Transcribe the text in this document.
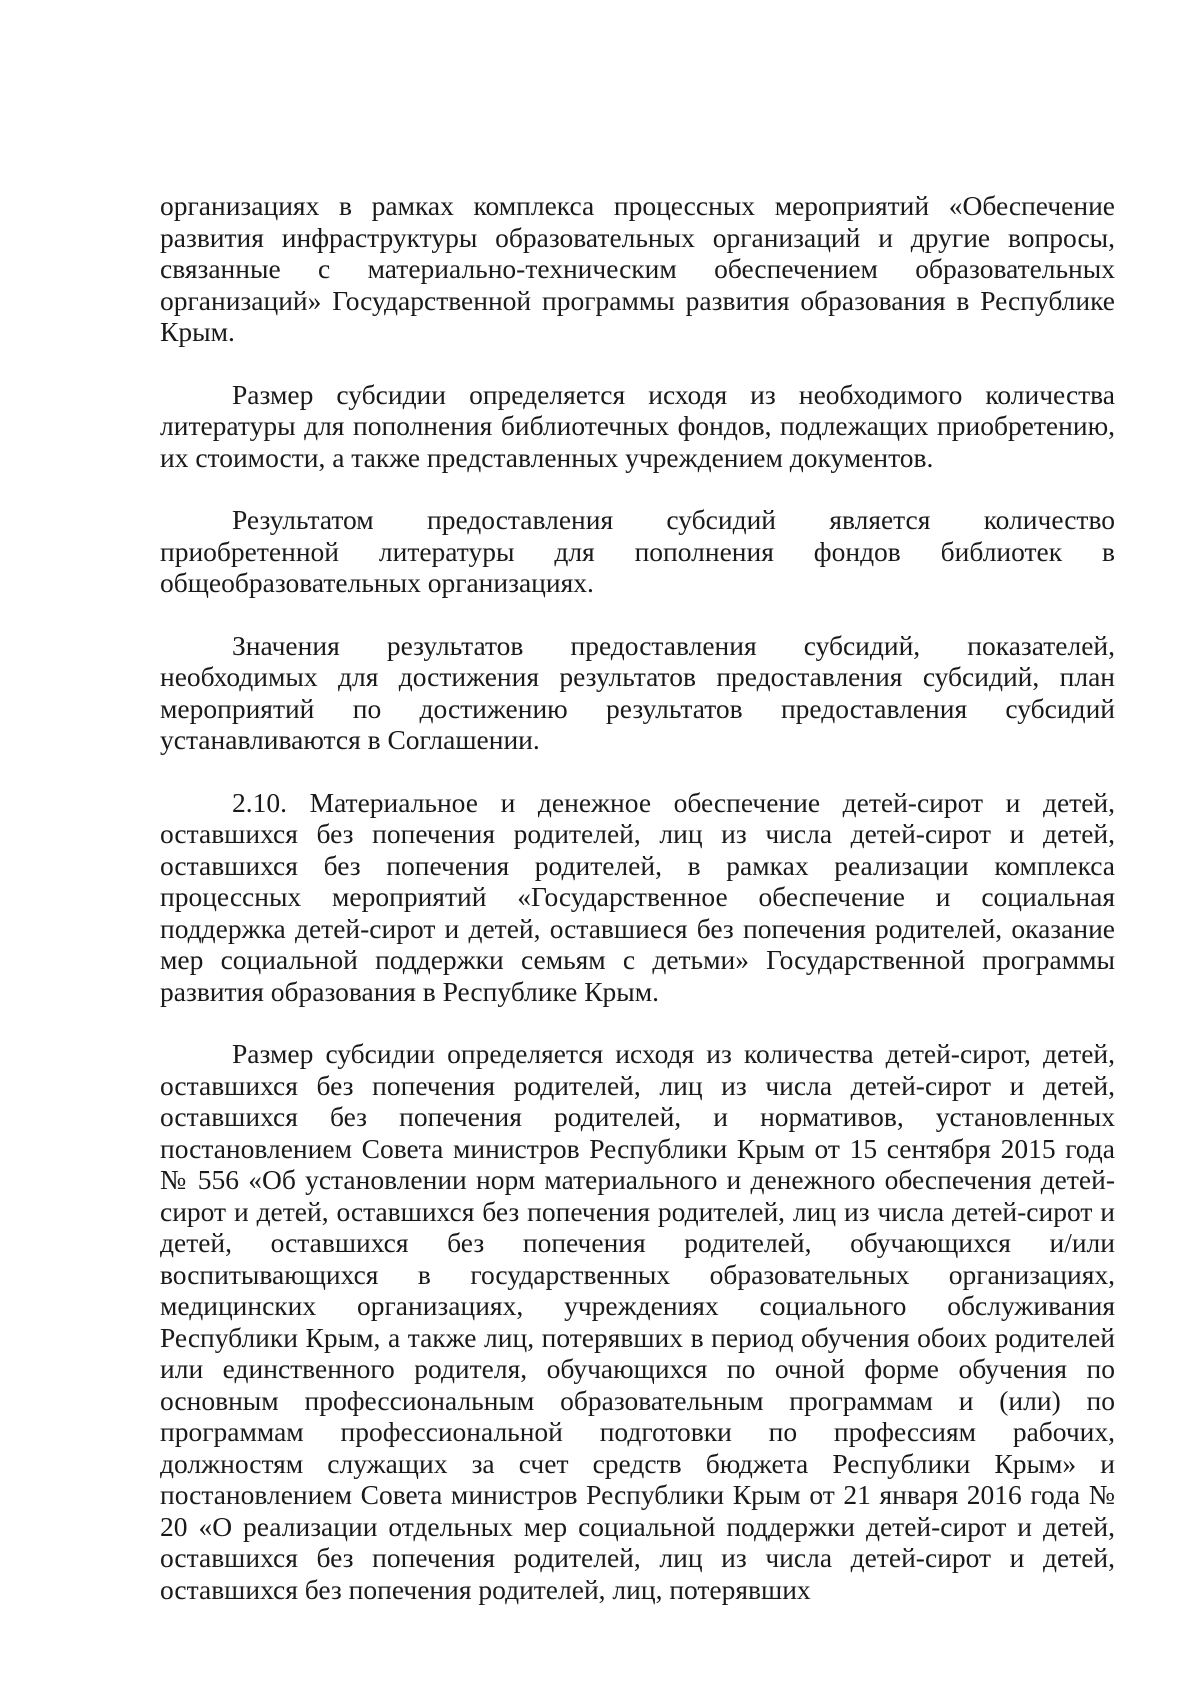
организациях в рамках комплекса процессных мероприятий «Обеспечение развития инфраструктуры образовательных организаций и другие вопросы, связанные с материально-техническим обеспечением образовательных организаций» Государственной программы развития образования в Республике Крым.

Размер субсидии определяется исходя из необходимого количества литературы для пополнения библиотечных фондов, подлежащих приобретению, их стоимости, а также представленных учреждением документов.

Результатом предоставления субсидий является количество приобретенной литературы для пополнения фондов библиотек в общеобразовательных организациях.

Значения результатов предоставления субсидий, показателей, необходимых для достижения результатов предоставления субсидий, план мероприятий по достижению результатов предоставления субсидий устанавливаются в Соглашении.

2.10. Материальное и денежное обеспечение детей-сирот и детей, оставшихся без попечения родителей, лиц из числа детей-сирот и детей, оставшихся без попечения родителей, в рамках реализации комплекса процессных мероприятий «Государственное обеспечение и социальная поддержка детей-сирот и детей, оставшиеся без попечения родителей, оказание мер социальной поддержки семьям с детьми» Государственной программы развития образования в Республике Крым.

Размер субсидии определяется исходя из количества детей-сирот, детей, оставшихся без попечения родителей, лиц из числа детей-сирот и детей, оставшихся без попечения родителей, и нормативов, установленных постановлением Совета министров Республики Крым от 15 сентября 2015 года № 556 «Об установлении норм материального и денежного обеспечения детей-сирот и детей, оставшихся без попечения родителей, лиц из числа детей-сирот и детей, оставшихся без попечения родителей, обучающихся и/или воспитывающихся в государственных образовательных организациях, медицинских организациях, учреждениях социального обслуживания Республики Крым, а также лиц, потерявших в период обучения обоих родителей или единственного родителя, обучающихся по очной форме обучения по основным профессиональным образовательным программам и (или) по программам профессиональной подготовки по профессиям рабочих, должностям служащих за счет средств бюджета Республики Крым» и постановлением Совета министров Республики Крым от 21 января 2016 года № 20 «О реализации отдельных мер социальной поддержки детей-сирот и детей, оставшихся без попечения родителей, лиц из числа детей-сирот и детей, оставшихся без попечения родителей, лиц, потерявших
